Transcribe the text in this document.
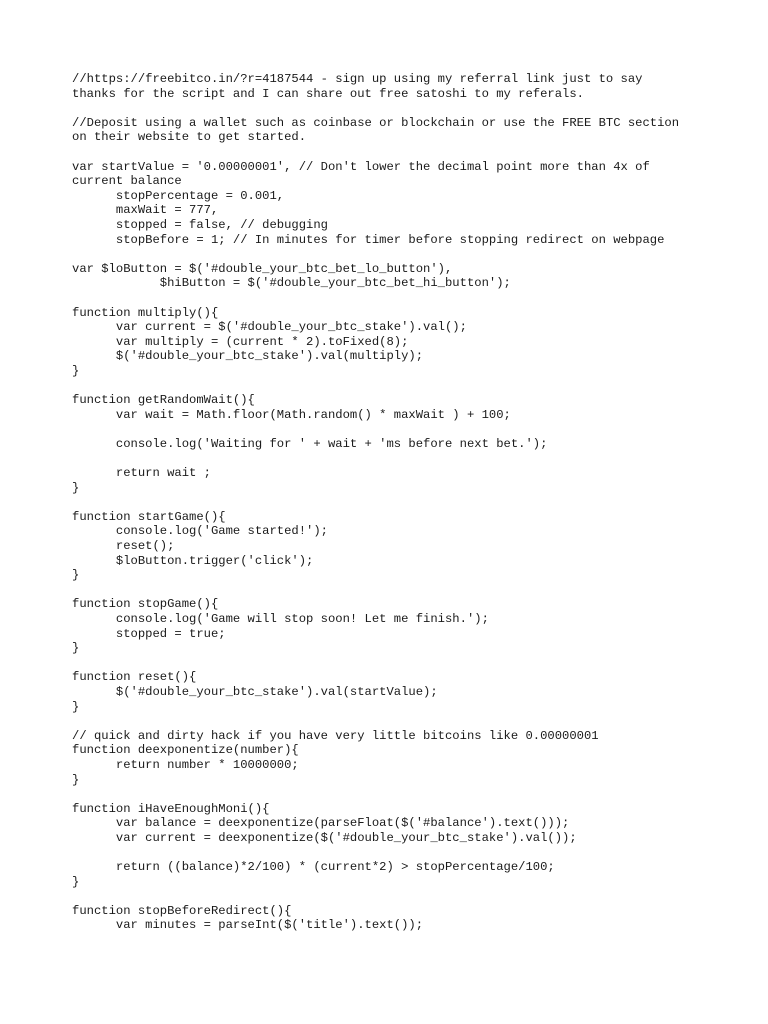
//https://freebitco.in/?r=4187544 - sign up using my referral link just to say
thanks for the script and I can share out free satoshi to my referals.
//Deposit using a wallet such as coinbase or blockchain or use the FREE BTC section
on their website to get started.
var startValue = '0.00000001', // Don't lower the decimal point more than 4x of
current balance
stopPercentage = 0.001,
maxWait = 777,
stopped = false, // debugging
stopBefore = 1; // In minutes for timer before stopping redirect on webpage
var $loButton = $('#double_your_btc_bet_lo_button'),
$hiButton = $('#double_your_btc_bet_hi_button');
function multiply(){
var current = $('#double_your_btc_stake').val();
var multiply = (current * 2).toFixed(8);
$('#double_your_btc_stake').val(multiply);
}
function getRandomWait(){
var wait = Math.floor(Math.random() * maxWait ) + 100;
console.log('Waiting for ' + wait + 'ms before next bet.');
return wait ;
}
function startGame(){
console.log('Game started!');
reset();
$loButton.trigger('click');
}
function stopGame(){
console.log('Game will stop soon! Let me finish.');
stopped = true;
}
function reset(){
$('#double_your_btc_stake').val(startValue);
}
// quick and dirty hack if you have very little bitcoins like 0.00000001
function deexponentize(number){
return number * 10000000;
}
function iHaveEnoughMoni(){
var balance = deexponentize(parseFloat($('#balance').text()));
var current = deexponentize($('#double_your_btc_stake').val());
return ((balance)*2/100) * (current*2) > stopPercentage/100;
}
function stopBeforeRedirect(){
var minutes = parseInt($('title').text());
